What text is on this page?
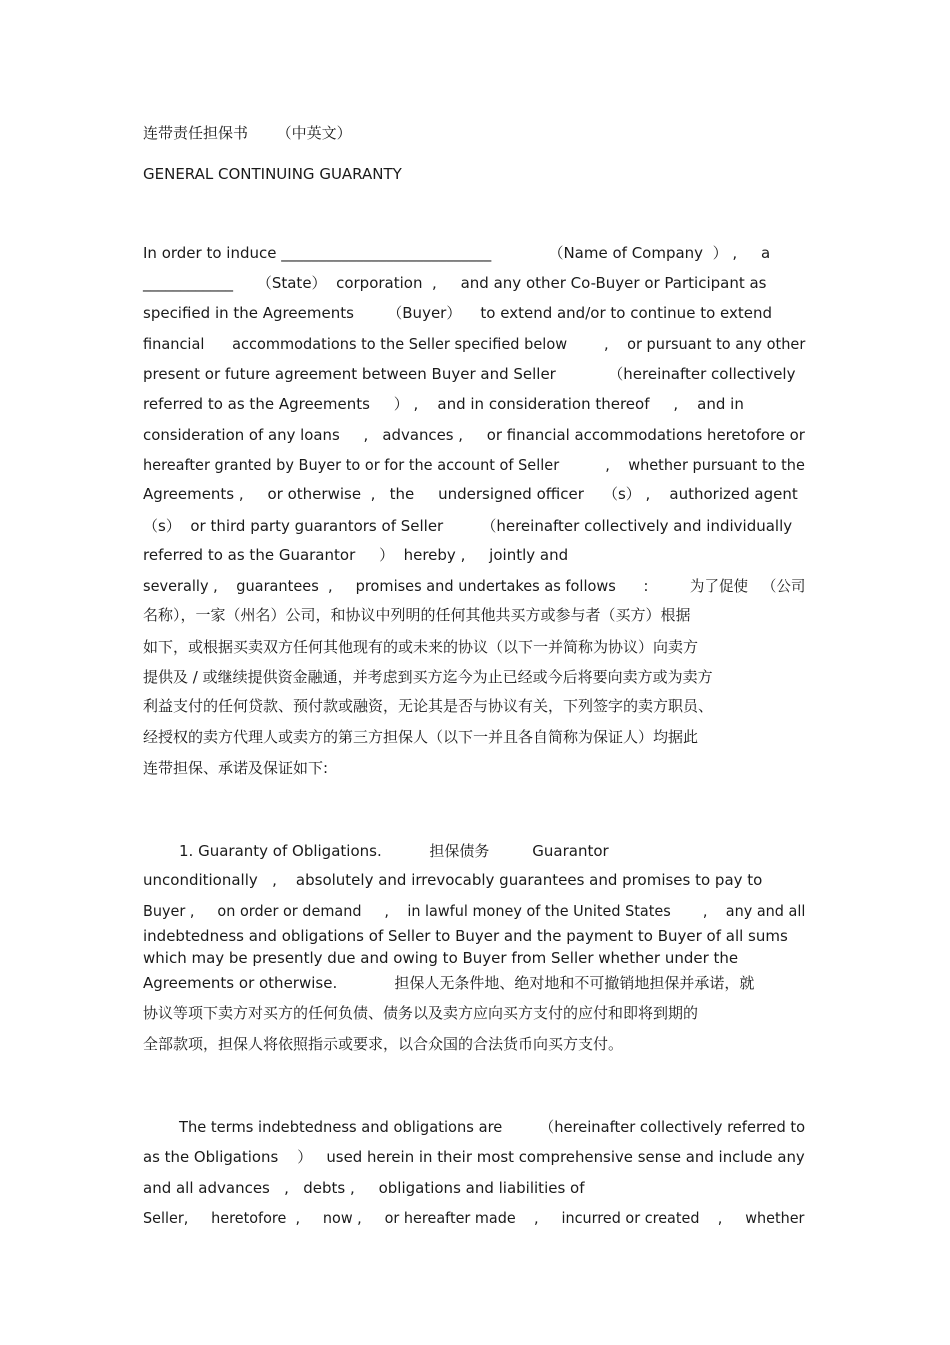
连带责任担保书      （中英文）
GENERAL CONTINUING GUARANTY
In order to induce ____________________________            （Name of Company  ） ,     a
____________     （State）  corporation  ,     and any other Co-Buyer or Participant as
specified in the Agreements       （Buyer）    to extend and/or to continue to extend
financial      accommodations to the Seller specified below        ,    or pursuant to any other
present or future agreement between Buyer and Seller           （hereinafter collectively
referred to as the Agreements     ） ,    and in consideration thereof     ,    and in
consideration of any loans     ,   advances ,     or financial accommodations heretofore or
hereafter granted by Buyer to or for the account of Seller          ,    whether pursuant to the
Agreements ,     or otherwise  ,   the     undersigned officer    （s） ,    authorized agent
（s）  or third party guarantors of Seller        （hereinafter collectively and individually
referred to as the Guarantor     ）  hereby ,     jointly and
severally ,    guarantees  ,     promises and undertakes as follows      :         为了促使   （公司
名称），一家（州名）公司，和协议中列明的任何其他共买方或参与者（买方）根据
如下，或根据买卖双方任何其他现有的或未来的协议（以下一并简称为协议）向卖方
提供及 / 或继续提供资金融通，并考虑到买方迄今为止已经或今后将要向卖方或为卖方
利益支付的任何贷款、预付款或融资，无论其是否与协议有关，下列签字的卖方职员、
经授权的卖方代理人或卖方的第三方担保人（以下一并且各自简称为保证人）均据此
连带担保、承诺及保证如下:
1. Guaranty of Obligations.          担保债务         Guarantor
unconditionally   ,    absolutely and irrevocably guarantees and promises to pay to
Buyer ,     on order or demand     ,    in lawful money of the United States       ,    any and all
indebtedness and obligations of Seller to Buyer and the payment to Buyer of all sums
which may be presently due and owing to Buyer from Seller whether under the
Agreements or otherwise.            担保人无条件地、绝对地和不可撤销地担保并承诺，就
协议等项下卖方对买方的任何负债、债务以及卖方应向买方支付的应付和即将到期的
全部款项，担保人将依照指示或要求，以合众国的合法货币向买方支付。
The terms indebtedness and obligations are        （hereinafter collectively referred to
as the Obligations    ）   used herein in their most comprehensive sense and include any
and all advances   ,   debts ,     obligations and liabilities of
Seller,     heretofore  ,     now ,     or hereafter made    ,     incurred or created    ,     whether
